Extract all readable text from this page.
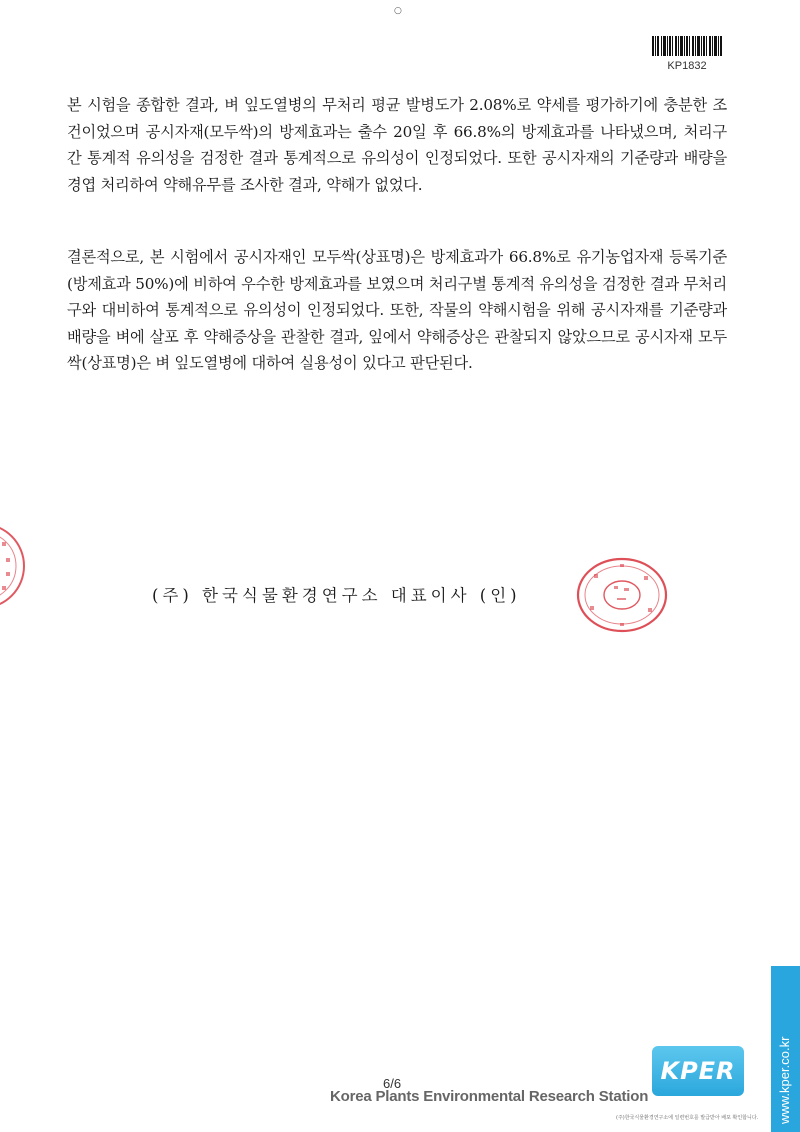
○
KP1832

본 시험을 종합한 결과, 벼 잎도열병의 무처리 평균 발병도가 2.08%로 약세를 평가하기에 충분한 조건이었으며 공시자재(모두싹)의 방제효과는 출수 20일 후 66.8%의 방제효과를 나타냈으며, 처리구 간 통계적 유의성을 검정한 결과 통계적으로 유의성이 인정되었다. 또한 공시자재의 기준량과 배량을 경엽 처리하여 약해유무를 조사한 결과, 약해가 없었다.

결론적으로, 본 시험에서 공시자재인 모두싹(상표명)은 방제효과가 66.8%로 유기농업자재 등록기준(방제효과 50%)에 비하여 우수한 방제효과를 보였으며 처리구별 통계적 유의성을 검정한 결과 무처리구와 대비하여 통계적으로 유의성이 인정되었다. 또한, 작물의 약해시험을 위해 공시자재를 기준량과 배량을 벼에 살포 후 약해증상을 관찰한 결과, 잎에서 약해증상은 관찰되지 않았으므로 공시자재 모두싹(상표명)은 벼 잎도열병에 대하여 실용성이 있다고 판단된다.

(주) 한국식물환경연구소 대표이사 (인)
6/6
Korea Plants Environmental Research Station
KPER	www.kper.co.kr
(주)한국식물환경연구소에 일련번호를 발급받아 배포 확인합니다.
